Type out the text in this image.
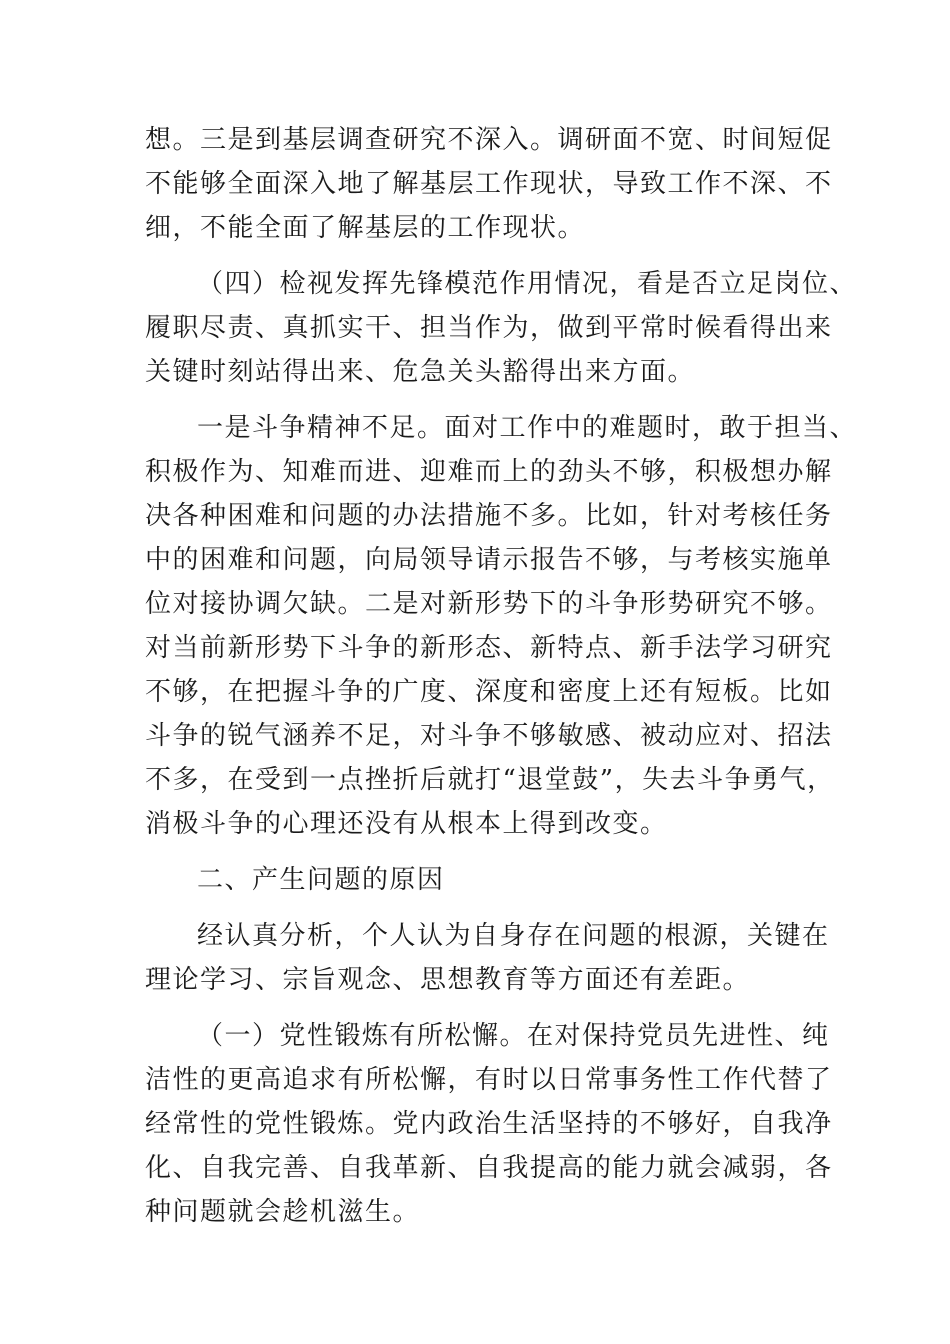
想。三是到基层调查研究不深入。调研面不宽、时间短促
不能够全面深入地了解基层工作现状，导致工作不深、不
细，不能全面了解基层的工作现状。
（四）检视发挥先锋模范作用情况，看是否立足岗位、
履职尽责、真抓实干、担当作为，做到平常时候看得出来
关键时刻站得出来、危急关头豁得出来方面。
一是斗争精神不足。面对工作中的难题时，敢于担当、
积极作为、知难而进、迎难而上的劲头不够，积极想办解
决各种困难和问题的办法措施不多。比如，针对考核任务
中的困难和问题，向局领导请示报告不够，与考核实施单
位对接协调欠缺。二是对新形势下的斗争形势研究不够。
对当前新形势下斗争的新形态、新特点、新手法学习研究
不够，在把握斗争的广度、深度和密度上还有短板。比如
斗争的锐气涵养不足，对斗争不够敏感、被动应对、招法
不多，在受到一点挫折后就打“退堂鼓”，失去斗争勇气，
消极斗争的心理还没有从根本上得到改变。
二、产生问题的原因
经认真分析，个人认为自身存在问题的根源，关键在
理论学习、宗旨观念、思想教育等方面还有差距。
（一）党性锻炼有所松懈。在对保持党员先进性、纯
洁性的更高追求有所松懈，有时以日常事务性工作代替了
经常性的党性锻炼。党内政治生活坚持的不够好，自我净
化、自我完善、自我革新、自我提高的能力就会减弱，各
种问题就会趁机滋生。
